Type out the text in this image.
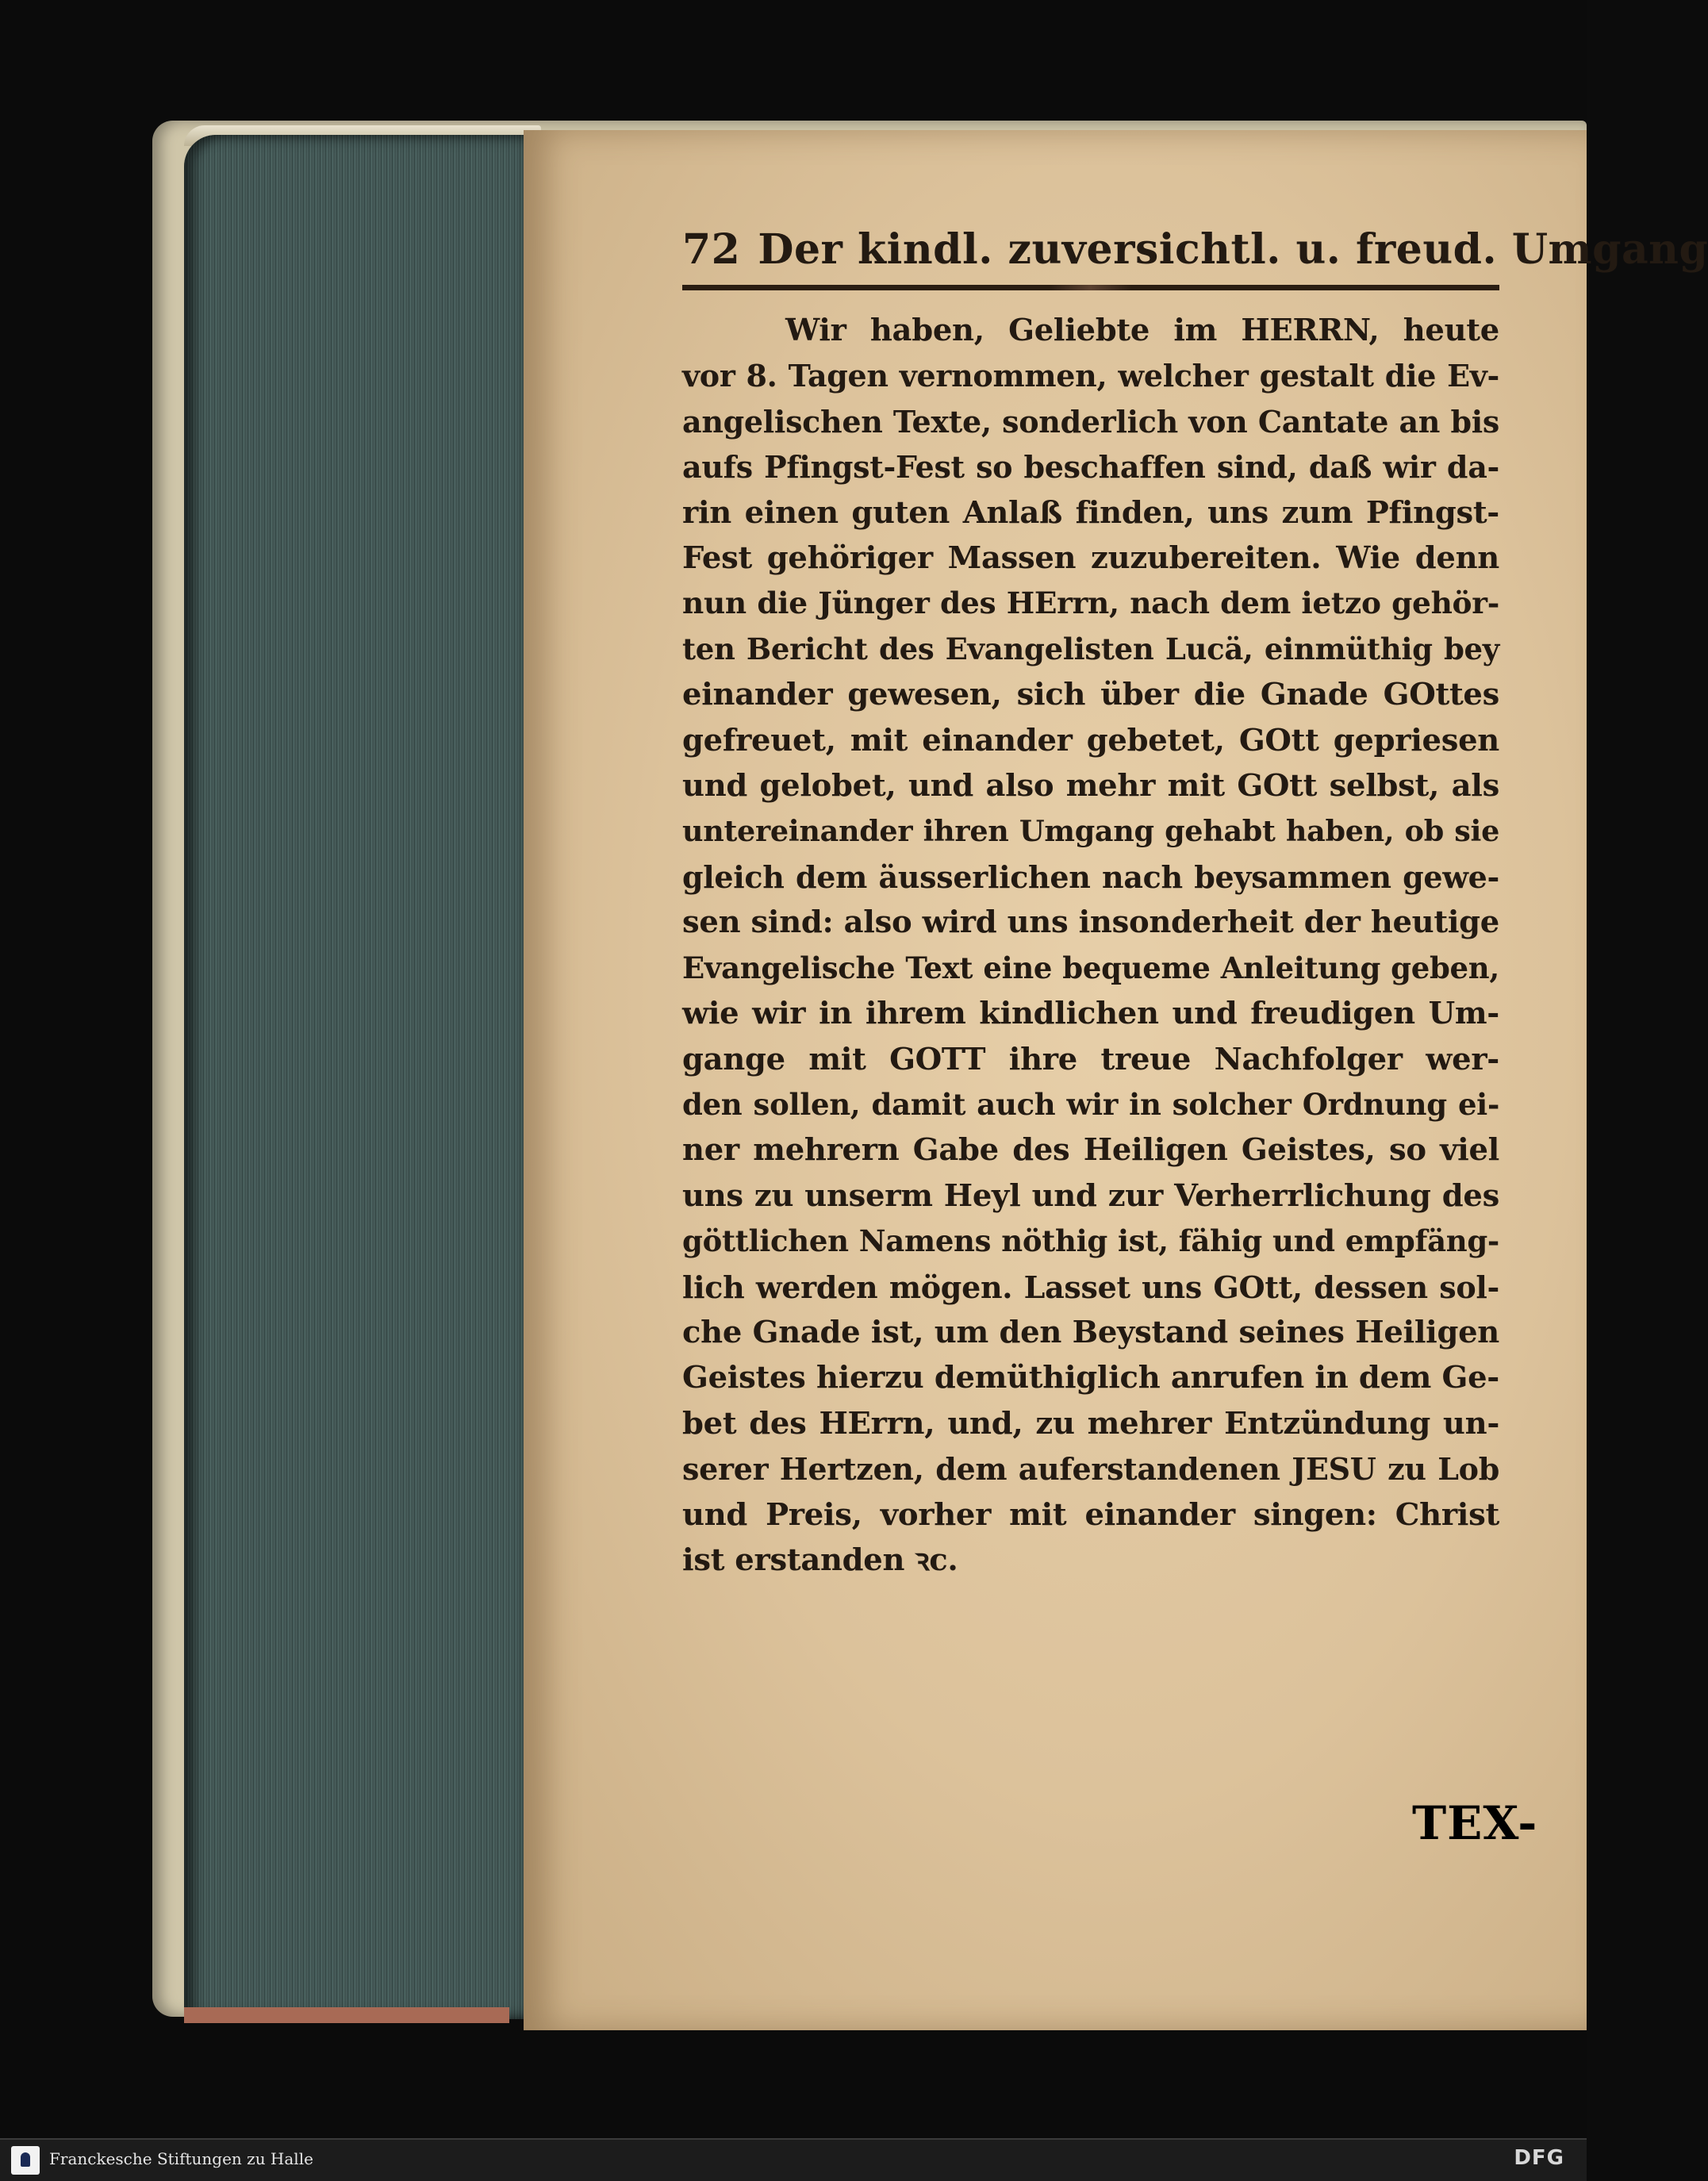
72 Der kindl. zuversichtl. u. freud. Umgang
Wir haben, Geliebte im HERRN, heute
vor 8. Tagen vernommen, welcher gestalt die Ev-
angelischen Texte, sonderlich von Cantate an bis
aufs Pfingst-Fest so beschaffen sind, daß wir da-
rin einen guten Anlaß finden, uns zum Pfingst-
Fest gehöriger Massen zuzubereiten. Wie denn
nun die Jünger des HErrn, nach dem ietzo gehör-
ten Bericht des Evangelisten Lucä, einmüthig bey
einander gewesen, sich über die Gnade GOttes
gefreuet, mit einander gebetet, GOtt gepriesen
und gelobet, und also mehr mit GOtt selbst, als
untereinander ihren Umgang gehabt haben, ob sie
gleich dem äusserlichen nach beysammen gewe-
sen sind: also wird uns insonderheit der heutige
Evangelische Text eine bequeme Anleitung geben,
wie wir in ihrem kindlichen und freudigen Um-
gange mit GOTT ihre treue Nachfolger wer-
den sollen, damit auch wir in solcher Ordnung ei-
ner mehrern Gabe des Heiligen Geistes, so viel
uns zu unserm Heyl und zur Verherrlichung des
göttlichen Namens nöthig ist, fähig und empfäng-
lich werden mögen. Lasset uns GOtt, dessen sol-
che Gnade ist, um den Beystand seines Heiligen
Geistes hierzu demüthiglich anrufen in dem Ge-
bet des HErrn, und, zu mehrer Entzündung un-
serer Hertzen, dem auferstandenen JESU zu Lob
und Preis, vorher mit einander singen: Christ
ist erstanden ꝛc.
TEX-
Franckesche Stiftungen zu Halle	DFG
